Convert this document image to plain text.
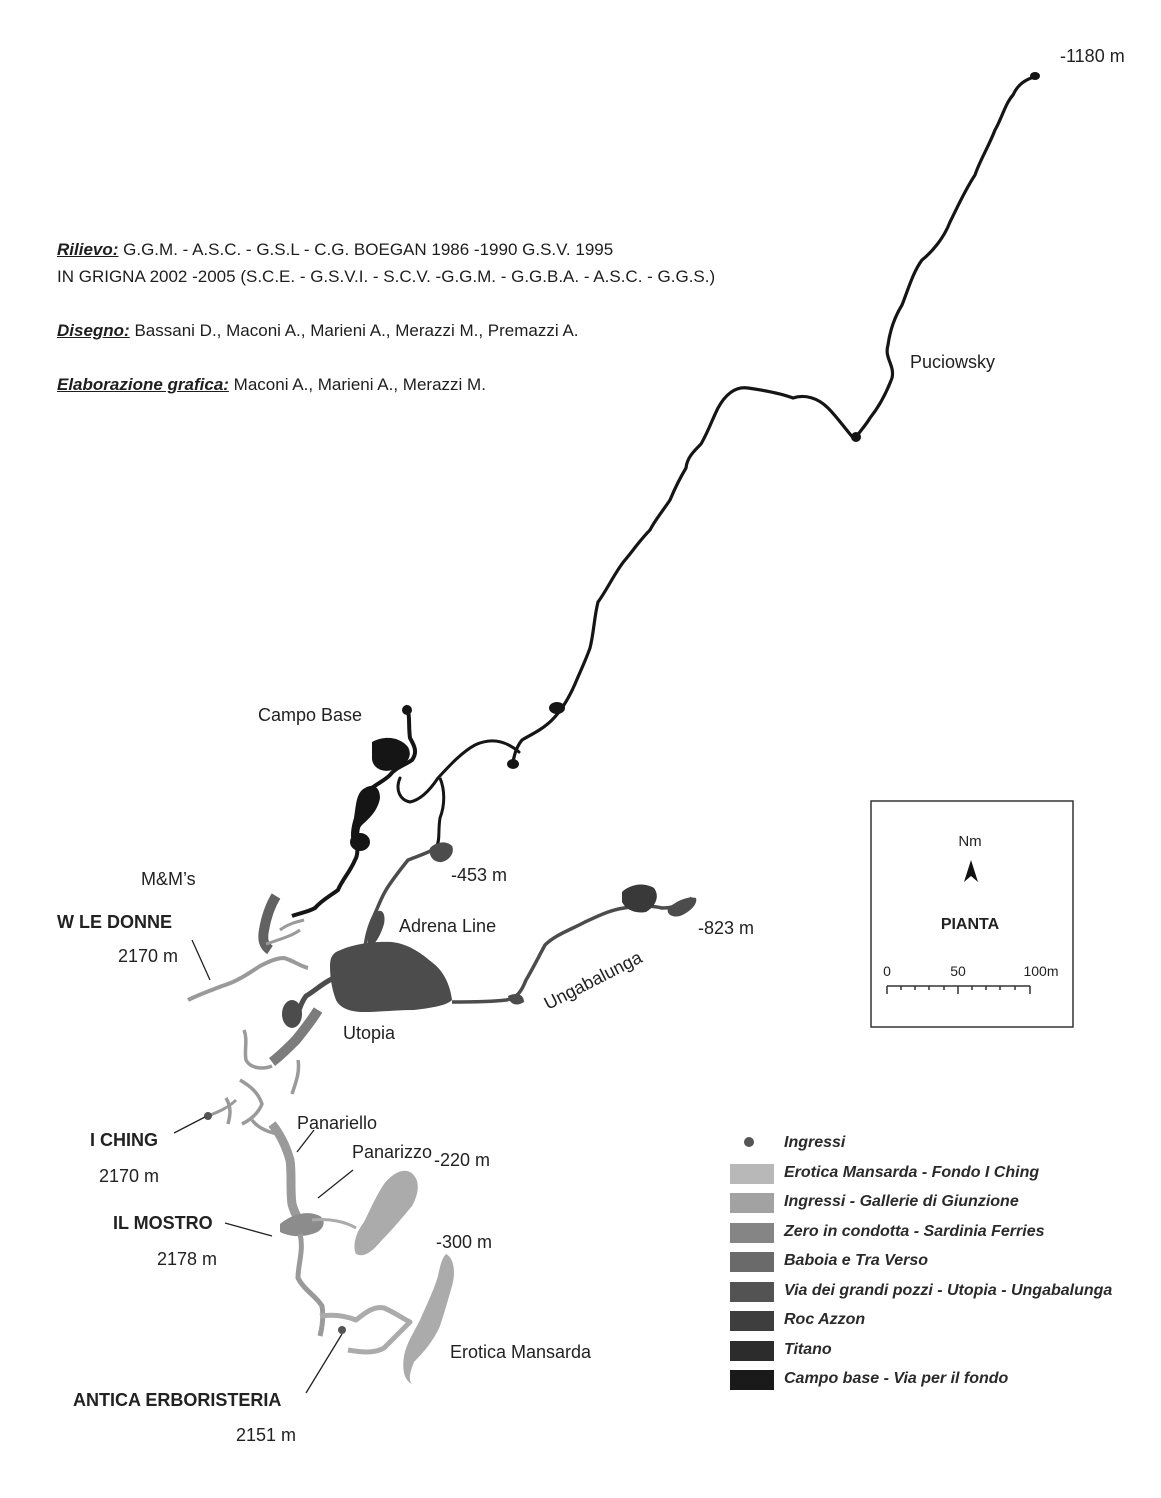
Nm
PIANTA
0	50	100m
Ungabalunga
Rilievo: G.G.M. - A.S.C. - G.S.L - C.G. BOEGAN 1986 -1990 G.S.V. 1995
IN GRIGNA 2002 -2005 (S.C.E. - G.S.V.I. - S.C.V. -G.G.M. - G.G.B.A. - A.S.C. - G.G.S.)
Disegno: Bassani D., Maconi A., Marieni A., Merazzi M., Premazzi A.
Elaborazione grafica: Maconi A., Marieni A., Merazzi M.
-1180 m
Puciowsky
Campo Base
M&M’s	-453 m
Adrena Line	-823 m
Utopia
Panariello
Panarizzo -220 m
-300 m
Erotica Mansarda
W LE DONNE
2170 m
I CHING
2170 m
IL MOSTRO
2178 m
ANTICA ERBORISTERIA
2151 m
Ingressi
Erotica Mansarda - Fondo I Ching
Ingressi - Gallerie di Giunzione
Zero in condotta - Sardinia Ferries
Baboia e Tra Verso
Via dei grandi pozzi - Utopia - Ungabalunga
Roc Azzon
Titano
Campo base - Via per il fondo
